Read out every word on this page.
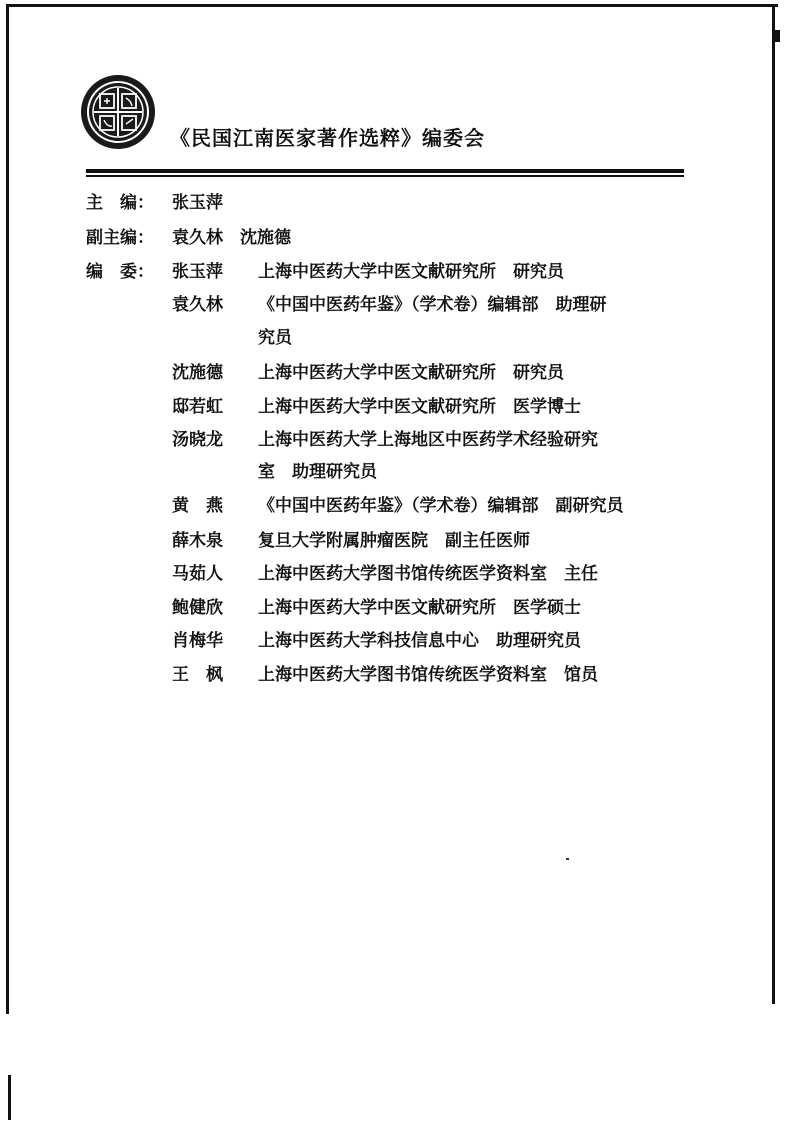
《民国江南医家著作选粹》编委会
主　编： 张玉萍
副主编： 袁久林　沈施德
编　委： 张玉萍 上海中医药大学中医文献研究所　研究员
袁久林 《中国中医药年鉴》（学术卷）编辑部　助理研
究员
沈施德 上海中医药大学中医文献研究所　研究员
邸若虹 上海中医药大学中医文献研究所　医学博士
汤晓龙 上海中医药大学上海地区中医药学术经验研究
室　助理研究员
黄　燕 《中国中医药年鉴》（学术卷）编辑部　副研究员
薛木泉 复旦大学附属肿瘤医院　副主任医师
马茹人 上海中医药大学图书馆传统医学资料室　主任
鲍健欣 上海中医药大学中医文献研究所　医学硕士
肖梅华 上海中医药大学科技信息中心　助理研究员
王　枫 上海中医药大学图书馆传统医学资料室　馆员
